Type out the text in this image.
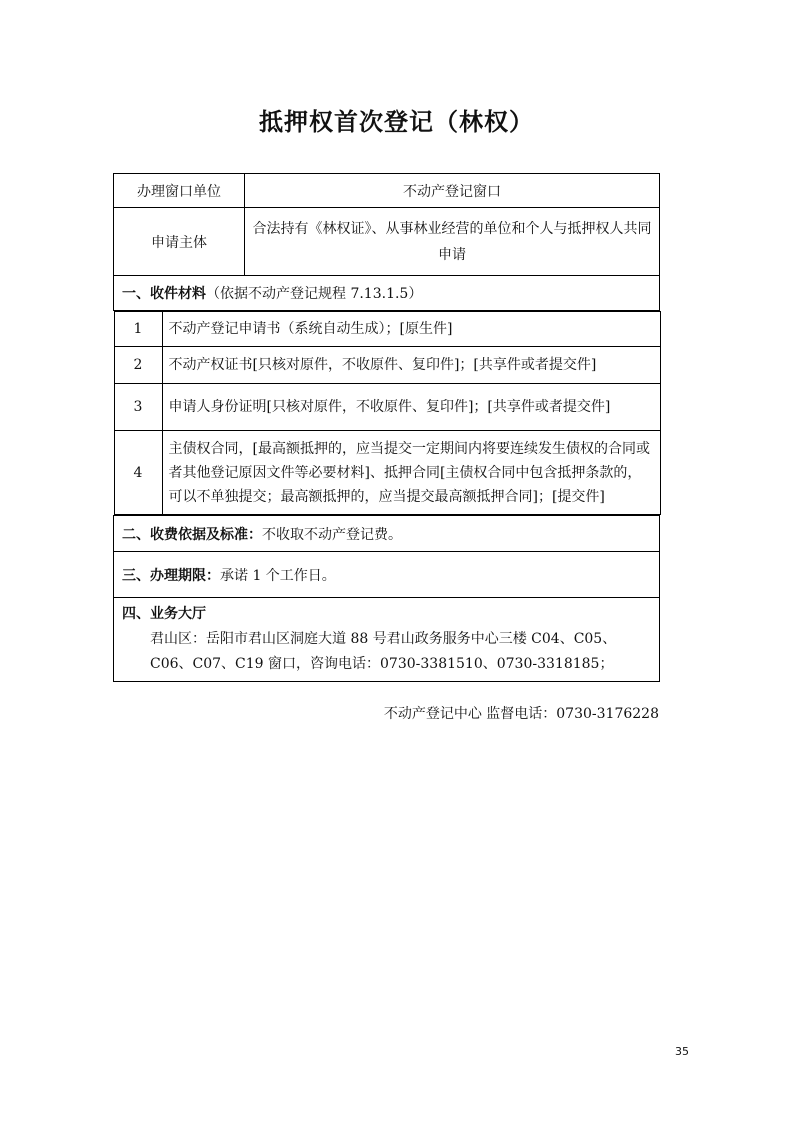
抵押权首次登记（林权）
办理窗口单位	不动产登记窗口
申请主体	合法持有《林权证》、从事林业经营的单位和个人与抵押权人共同申请
一、收件材料（依据不动产登记规程 7.13.1.5）

1	不动产登记申请书（系统自动生成）；[原生件]
2	不动产权证书[只核对原件，不收原件、复印件]；[共享件或者提交件]
3	申请人身份证明[只核对原件，不收原件、复印件]；[共享件或者提交件]
4	主债权合同，[最高额抵押的，应当提交一定期间内将要连续发生债权的合同或者其他登记原因文件等必要材料]、抵押合同[主债权合同中包含抵押条款的，可以不单独提交；最高额抵押的，应当提交最高额抵押合同]；[提交件]

二、收费依据及标准：不收取不动产登记费。
三、办理期限：承诺 1 个工作日。

四、业务大厅
君山区：岳阳市君山区洞庭大道 88 号君山政务服务中心三楼 C04、C05、C06、C07、C19 窗口，咨询电话：0730-3381510、0730-3318185；
不动产登记中心 监督电话：0730-3176228
35
